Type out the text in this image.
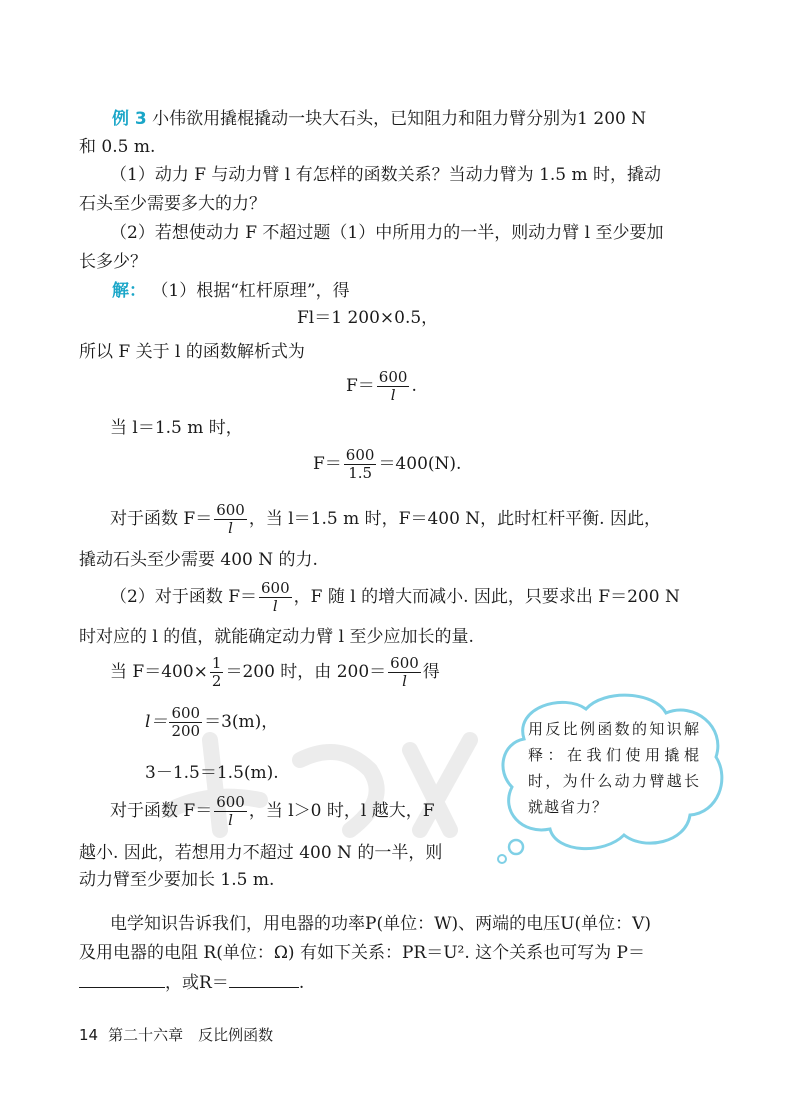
例 3 小伟欲用撬棍撬动一块大石头，已知阻力和阻力臂分别为1 200 N
和 0.5 m.
（1）动力 F 与动力臂 l 有怎样的函数关系？当动力臂为 1.5 m 时，撬动
石头至少需要多大的力？
（2）若想使动力 F 不超过题（1）中所用力的一半，则动力臂 l 至少要加
长多少？
解： （1）根据“杠杆原理”，得
Fl＝1 200×0.5，
所以 F 关于 l 的函数解析式为
$F= \frac{600}{l}$ .
当 l＝1.5 m 时，
$F= \frac{600}{1.5} =400(N)$.
对于函数 $F= \frac{600}{l}$ ，当 l＝1.5 m 时，F＝400 N，此时杠杆平衡. 因此，
撬动石头至少需要 400 N 的力.
（2）对于函数 $F= \frac{600}{l}$ ，F 随 l 的增大而减小. 因此，只要求出 F＝200 N
时对应的 l 的值，就能确定动力臂 l 至少应加长的量.
当 $F=400\times \frac{1}{2} =200$ 时，由 $200= \frac{600}{l}$ 得
$l= \frac{600}{200} =3(m)$，
3－1.5＝1.5(m).
对于函数 $F= \frac{600}{l}$ ，当 l＞0 时，l 越大，F
越小. 因此，若想用力不超过 400 N 的一半，则
动力臂至少要加长 1.5 m.
用反比例函数的知识解释：在我们使用撬棍时，为什么动力臂越长就越省力？
电学知识告诉我们，用电器的功率P(单位：W)、两端的电压U(单位：V)
及用电器的电阻 R(单位：Ω) 有如下关系：PR＝U². 这个关系也可写为 P＝
，或R＝	.
14 第二十六章　反比例函数
